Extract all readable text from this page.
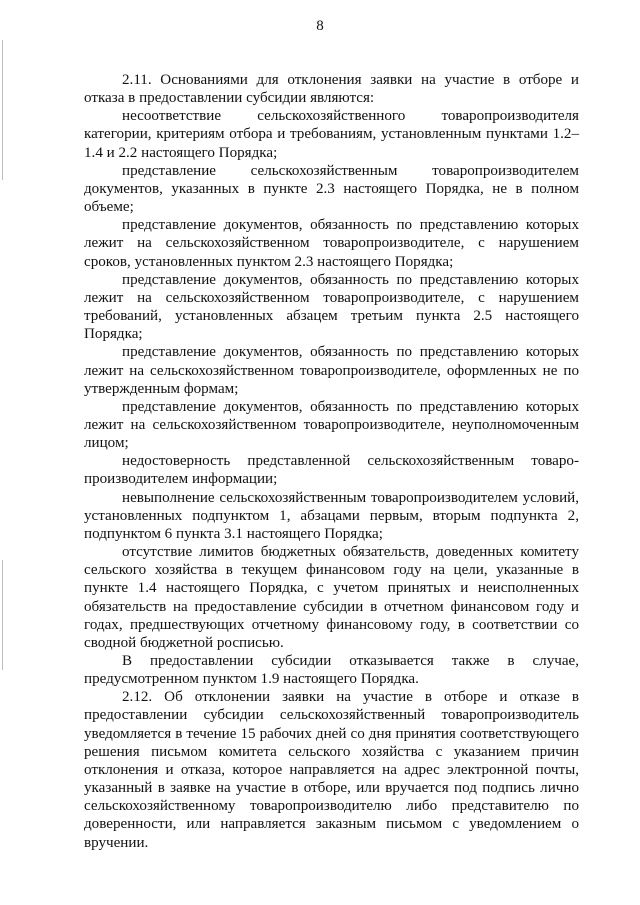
8

2.11. Основаниями для отклонения заявки на участие в отборе и отказа в предоставлении субсидии являются:

несоответствие сельскохозяйственного товаропроизводителя категории, критериям отбора и требованиям, установленным пунктами 1.2–1.4 и 2.2 настоящего Порядка;

представление сельскохозяйственным товаропроизводителем документов, указанных в пункте 2.3 настоящего Порядка, не в полном объеме;

представление документов, обязанность по представлению которых лежит на сельскохозяйственном товаропроизводителе, с нарушением сроков, установленных пунктом 2.3 настоящего Порядка;

представление документов, обязанность по представлению которых лежит на сельскохозяйственном товаропроизводителе, с нарушением требований, установленных абзацем третьим пункта 2.5 настоящего Порядка;

представление документов, обязанность по представлению которых лежит на сельскохозяйственном товаропроизводителе, оформленных не по утвержденным формам;

представление документов, обязанность по представлению которых лежит на сельскохозяйственном товаропроизводителе, неуполномоченным лицом;

недостоверность представленной сельскохозяйственным товаропроизводителем информации;

невыполнение сельскохозяйственным товаропроизводителем условий, установленных подпунктом 1, абзацами первым, вторым подпункта 2, подпунктом 6 пункта 3.1 настоящего Порядка;

отсутствие лимитов бюджетных обязательств, доведенных комитету сельского хозяйства в текущем финансовом году на цели, указанные в пункте 1.4 настоящего Порядка, с учетом принятых и неисполненных обязательств на предоставление субсидии в отчетном финансовом году и годах, предшествующих отчетному финансовому году, в соответствии со сводной бюджетной росписью.

В предоставлении субсидии отказывается также в случае, предусмотренном пунктом 1.9 настоящего Порядка.

2.12. Об отклонении заявки на участие в отборе и отказе в предоставлении субсидии сельскохозяйственный товаропроизводитель уведомляется в течение 15 рабочих дней со дня принятия соответствующего решения письмом комитета сельского хозяйства с указанием причин отклонения и отказа, которое направляется на адрес электронной почты, указанный в заявке на участие в отборе, или вручается под подпись лично сельскохозяйственному товаропроизводителю либо представителю по доверенности, или направляется заказным письмом с уведомлением о вручении.
